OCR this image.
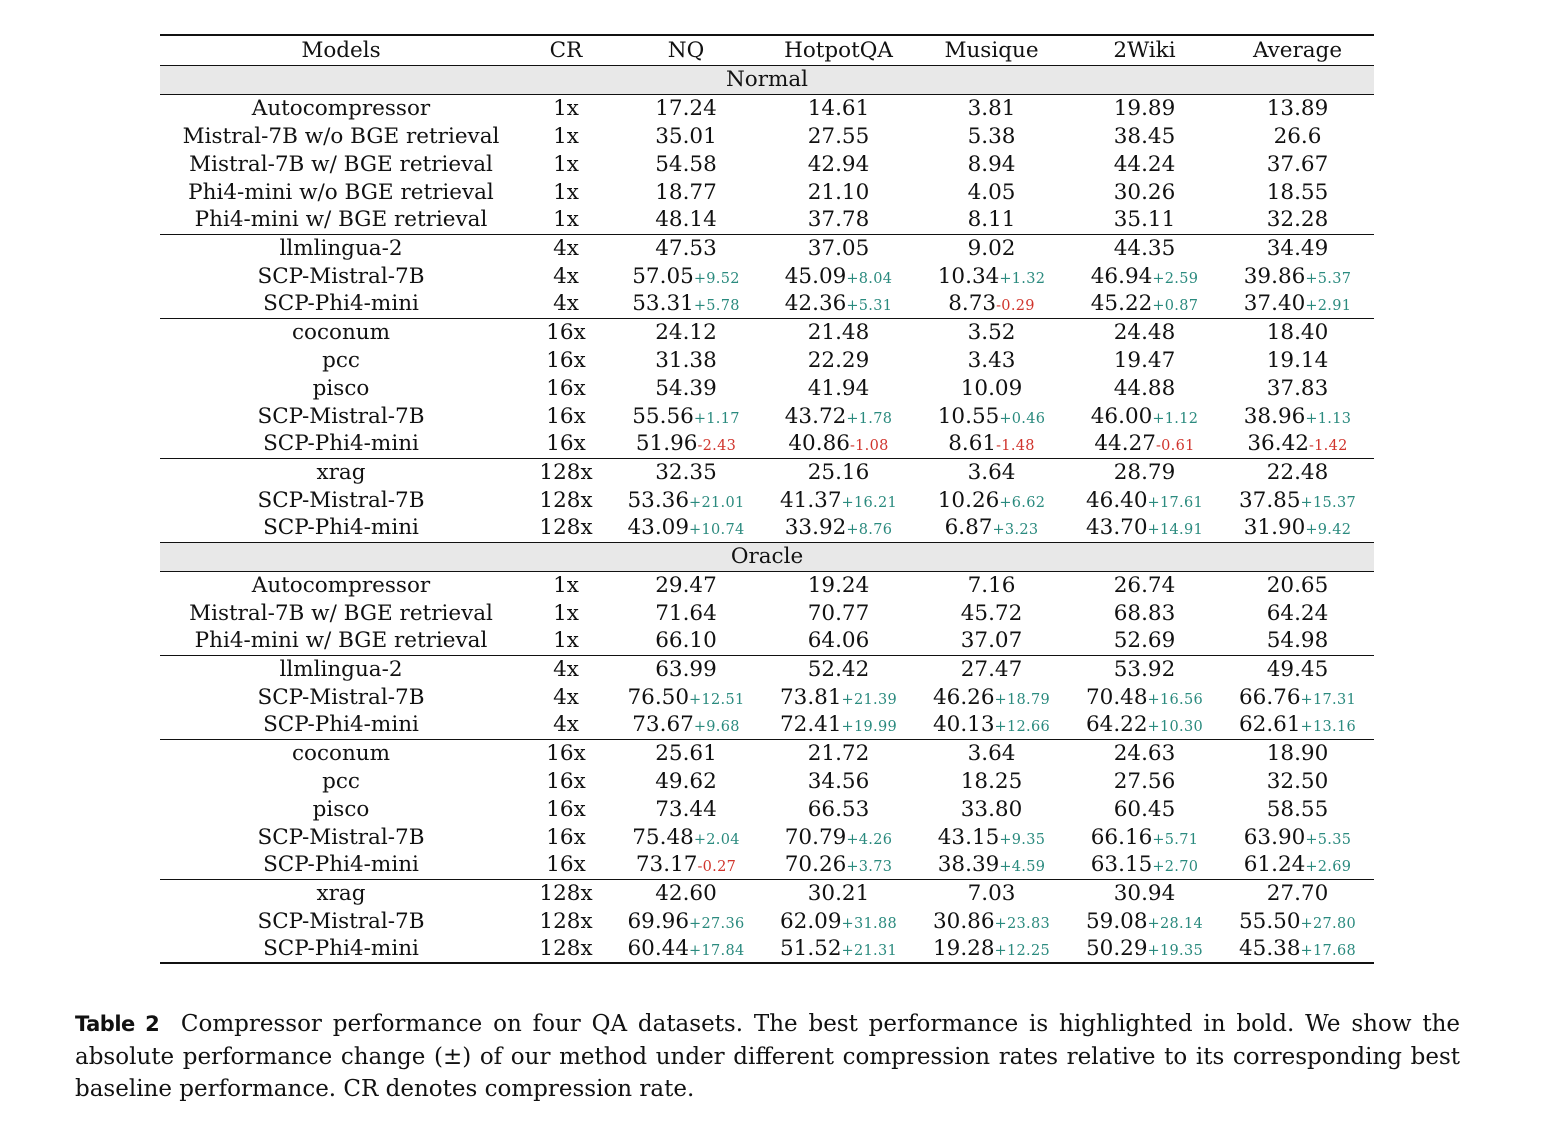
Models	CR	NQ	HotpotQA	Musique	2Wiki	Average
Normal						
Autocompressor	1x	17.24	14.61	3.81	19.89	13.89
Mistral-7B w/o BGE retrieval	1x	35.01	27.55	5.38	38.45	26.6
Mistral-7B w/ BGE retrieval	1x	54.58	42.94	8.94	44.24	37.67
Phi4-mini w/o BGE retrieval	1x	18.77	21.10	4.05	30.26	18.55
Phi4-mini w/ BGE retrieval	1x	48.14	37.78	8.11	35.11	32.28
llmlingua-2	4x	47.53	37.05	9.02	44.35	34.49
SCP-Mistral-7B	4x	57.05+9.52	45.09+8.04	10.34+1.32	46.94+2.59	39.86+5.37
SCP-Phi4-mini	4x	53.31+5.78	42.36+5.31	8.73-0.29	45.22+0.87	37.40+2.91
coconum	16x	24.12	21.48	3.52	24.48	18.40
pcc	16x	31.38	22.29	3.43	19.47	19.14
pisco	16x	54.39	41.94	10.09	44.88	37.83
SCP-Mistral-7B	16x	55.56+1.17	43.72+1.78	10.55+0.46	46.00+1.12	38.96+1.13
SCP-Phi4-mini	16x	51.96-2.43	40.86-1.08	8.61-1.48	44.27-0.61	36.42-1.42
xrag	128x	32.35	25.16	3.64	28.79	22.48
SCP-Mistral-7B	128x	53.36+21.01	41.37+16.21	10.26+6.62	46.40+17.61	37.85+15.37
SCP-Phi4-mini	128x	43.09+10.74	33.92+8.76	6.87+3.23	43.70+14.91	31.90+9.42
Oracle						
Autocompressor	1x	29.47	19.24	7.16	26.74	20.65
Mistral-7B w/ BGE retrieval	1x	71.64	70.77	45.72	68.83	64.24
Phi4-mini w/ BGE retrieval	1x	66.10	64.06	37.07	52.69	54.98
llmlingua-2	4x	63.99	52.42	27.47	53.92	49.45
SCP-Mistral-7B	4x	76.50+12.51	73.81+21.39	46.26+18.79	70.48+16.56	66.76+17.31
SCP-Phi4-mini	4x	73.67+9.68	72.41+19.99	40.13+12.66	64.22+10.30	62.61+13.16
coconum	16x	25.61	21.72	3.64	24.63	18.90
pcc	16x	49.62	34.56	18.25	27.56	32.50
pisco	16x	73.44	66.53	33.80	60.45	58.55
SCP-Mistral-7B	16x	75.48+2.04	70.79+4.26	43.15+9.35	66.16+5.71	63.90+5.35
SCP-Phi4-mini	16x	73.17-0.27	70.26+3.73	38.39+4.59	63.15+2.70	61.24+2.69
xrag	128x	42.60	30.21	7.03	30.94	27.70
SCP-Mistral-7B	128x	69.96+27.36	62.09+31.88	30.86+23.83	59.08+28.14	55.50+27.80
SCP-Phi4-mini	128x	60.44+17.84	51.52+21.31	19.28+12.25	50.29+19.35	45.38+17.68
Table 2 Compressor performance on four QA datasets. The best performance is highlighted in bold. We show the absolute performance change (±) of our method under different compression rates relative to its corresponding best baseline performance. CR denotes compression rate.
